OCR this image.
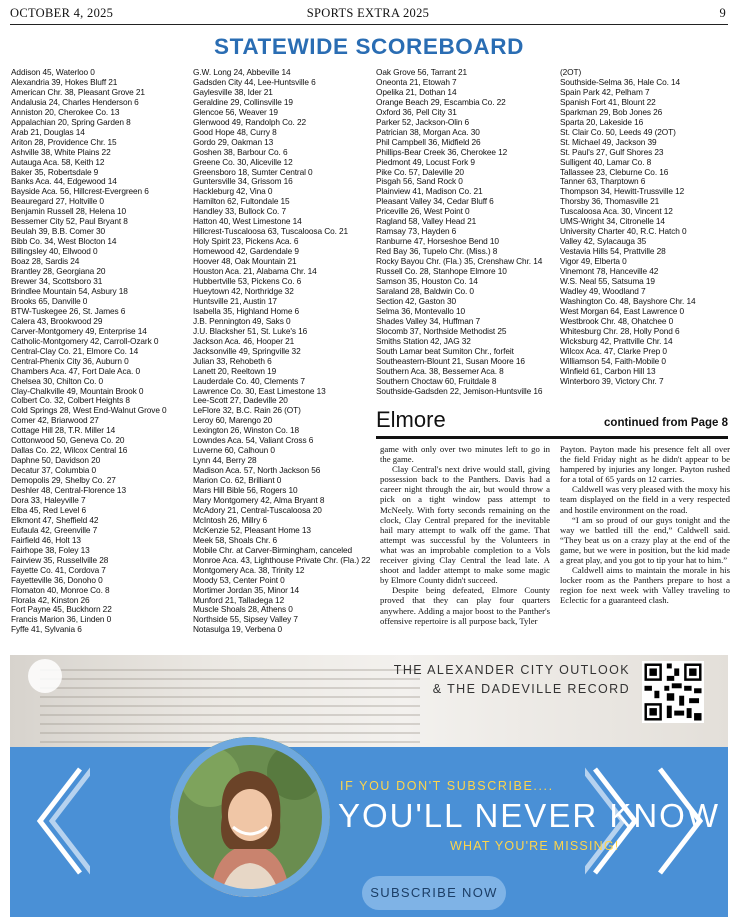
OCTOBER 4, 2025	SPORTS EXTRA 2025	9
STATEWIDE SCOREBOARD
Addison 45, Waterloo 0
Alexandria 39, Hokes Bluff 21
American Chr. 38, Pleasant Grove 21
Andalusia 24, Charles Henderson 6
Anniston 20, Cherokee Co. 13
Appalachian 20, Spring Garden 8
Arab 21, Douglas 14
Ariton 28, Providence Chr. 15
Ashville 38, White Plains 22
Autauga Aca. 58, Keith 12
Baker 35, Robertsdale 9
Banks Aca. 44, Edgewood 14
Bayside Aca. 56, Hillcrest-Evergreen 6
Beauregard 27, Holtville 0
Benjamin Russell 28, Helena 10
Bessemer City 52, Paul Bryant 8
Beulah 39, B.B. Comer 30
Bibb Co. 34, West Blocton 14
Billingsley 40, Ellwood 0
Boaz 28, Sardis 24
Brantley 28, Georgiana 20
Brewer 34, Scottsboro 31
Brindlee Mountain 54, Asbury 18
Brooks 65, Danville 0
BTW-Tuskegee 26, St. James 6
Calera 43, Brookwood 29
Carver-Montgomery 49, Enterprise 14
Catholic-Montgomery 42, Carroll-Ozark 0
Central-Clay Co. 21, Elmore Co. 14
Central-Phenix City 36, Auburn 0
Chambers Aca. 47, Fort Dale Aca. 0
Chelsea 30, Chilton Co. 0
Clay-Chalkville 49, Mountain Brook 0
Colbert Co. 32, Colbert Heights 8
Cold Springs 28, West End-Walnut Grove 0
Comer 42, Briarwood 27
Cottage Hill 28, T.R. Miller 14
Cottonwood 50, Geneva Co. 20
Dallas Co. 22, Wilcox Central 16
Daphne 50, Davidson 20
Decatur 37, Columbia 0
Demopolis 29, Shelby Co. 27
Deshler 48, Central-Florence 13
Dora 33, Haleyville 7
Elba 45, Red Level 6
Elkmont 47, Sheffield 42
Eufaula 42, Greenville 7
Fairfield 46, Holt 13
Fairhope 38, Foley 13
Fairview 35, Russellville 28
Fayette Co. 41, Cordova 7
Fayetteville 36, Donoho 0
Flomaton 40, Monroe Co. 8
Florala 42, Kinston 26
Fort Payne 45, Buckhorn 22
Francis Marion 36, Linden 0
Fyffe 41, Sylvania 6
G.W. Long 24, Abbeville 14
Gadsden City 44, Lee-Huntsville 6
Gaylesville 38, Ider 21
Geraldine 29, Collinsville 19
Glencoe 56, Weaver 19
Glenwood 49, Randolph Co. 22
Good Hope 48, Curry 8
Gordo 29, Oakman 13
Goshen 38, Barbour Co. 6
Greene Co. 30, Aliceville 12
Greensboro 18, Sumter Central 0
Guntersville 34, Grissom 16
Hackleburg 42, Vina 0
Hamilton 62, Fultondale 15
Handley 33, Bullock Co. 7
Hatton 40, West Limestone 14
Hillcrest-Tuscaloosa 63, Tuscaloosa Co. 21
Holy Spirit 23, Pickens Aca. 6
Homewood 42, Gardendale 9
Hoover 48, Oak Mountain 21
Houston Aca. 21, Alabama Chr. 14
Hubbertville 53, Pickens Co. 6
Hueytown 42, Northridge 32
Huntsville 21, Austin 17
Isabella 35, Highland Home 6
J.B. Pennington 49, Saks 0
J.U. Blacksher 51, St. Luke's 16
Jackson Aca. 46, Hooper 21
Jacksonville 49, Springville 32
Julian 33, Rehobeth 6
Lanett 20, Reeltown 19
Lauderdale Co. 40, Clements 7
Lawrence Co. 30, East Limestone 13
Lee-Scott 27, Dadeville 20
LeFlore 32, B.C. Rain 26 (OT)
Leroy 60, Marengo 20
Lexington 26, Winston Co. 18
Lowndes Aca. 54, Valiant Cross 6
Luverne 60, Calhoun 0
Lynn 44, Berry 28
Madison Aca. 57, North Jackson 56
Marion Co. 62, Brilliant 0
Mars Hill Bible 56, Rogers 10
Mary Montgomery 42, Alma Bryant 8
McAdory 21, Central-Tuscaloosa 20
McIntosh 26, Millry 6
McKenzie 52, Pleasant Home 13
Meek 58, Shoals Chr. 6
Mobile Chr. at Carver-Birmingham, canceled
Monroe Aca. 43, Lighthouse Private Chr. (Fla.) 22
Montgomery Aca. 38, Trinity 12
Moody 53, Center Point 0
Mortimer Jordan 35, Minor 14
Munford 21, Talladega 12
Muscle Shoals 28, Athens 0
Northside 55, Sipsey Valley 7
Notasulga 19, Verbena 0
Oak Grove 56, Tarrant 21
Oneonta 21, Etowah 7
Opelika 21, Dothan 14
Orange Beach 29, Escambia Co. 22
Oxford 36, Pell City 31
Parker 52, Jackson-Olin 6
Patrician 38, Morgan Aca. 30
Phil Campbell 36, Midfield 26
Phillips-Bear Creek 36, Cherokee 12
Piedmont 49, Locust Fork 9
Pike Co. 57, Daleville 20
Pisgah 56, Sand Rock 0
Plainview 41, Madison Co. 21
Pleasant Valley 34, Cedar Bluff 6
Priceville 26, West Point 0
Ragland 58, Valley Head 21
Ramsay 73, Hayden 6
Ranburne 47, Horseshoe Bend 10
Red Bay 36, Tupelo Chr. (Miss.) 8
Rocky Bayou Chr. (Fla.) 35, Crenshaw Chr. 14
Russell Co. 28, Stanhope Elmore 10
Samson 35, Houston Co. 14
Saraland 28, Baldwin Co. 0
Section 42, Gaston 30
Selma 36, Montevallo 10
Shades Valley 34, Huffman 7
Slocomb 37, Northside Methodist 25
Smiths Station 42, JAG 32
South Lamar beat Sumiton Chr., forfeit
Southeastern-Blount 21, Susan Moore 16
Southern Aca. 38, Bessemer Aca. 8
Southern Choctaw 60, Fruitdale 8
Southside-Gadsden 22, Jemison-Huntsville 16
(2OT)
Southside-Selma 36, Hale Co. 14
Spain Park 42, Pelham 7
Spanish Fort 41, Blount 22
Sparkman 29, Bob Jones 26
Sparta 20, Lakeside 16
St. Clair Co. 50, Leeds 49 (2OT)
St. Michael 49, Jackson 39
St. Paul's 27, Gulf Shores 23
Sulligent 40, Lamar Co. 8
Tallassee 23, Cleburne Co. 16
Tanner 63, Tharptown 6
Thompson 34, Hewitt-Trussville 12
Thorsby 36, Thomasville 21
Tuscaloosa Aca. 30, Vincent 12
UMS-Wright 34, Citronelle 14
University Charter 40, R.C. Hatch 0
Valley 42, Sylacauga 35
Vestavia Hills 54, Prattville 28
Vigor 49, Elberta 0
Vinemont 78, Hanceville 42
W.S. Neal 55, Satsuma 19
Wadley 49, Woodland 7
Washington Co. 48, Bayshore Chr. 14
West Morgan 64, East Lawrence 0
Westbrook Chr. 48, Ohatchee 0
Whitesburg Chr. 28, Holly Pond 6
Wicksburg 42, Prattville Chr. 14
Wilcox Aca. 47, Clarke Prep 0
Williamson 54, Faith-Mobile 0
Winfield 61, Carbon Hill 13
Winterboro 39, Victory Chr. 7
Elmore	continued from Page 8

game with only over two minutes left to go in the game.

Clay Central's next drive would stall, giving possession back to the Panthers. Davis had a career night through the air, but would throw a pick on a tight window pass attempt to McNeely. With forty seconds remaining on the clock, Clay Central prepared for the inevitable hail mary attempt to walk off the game. That attempt was successful by the Volunteers in what was an improbable completion to a Vols receiver giving Clay Central the lead late. A shoot and ladder attempt to make some magic by Elmore County didn't succeed.

Despite being defeated, Elmore County proved that they can play four quarters anywhere. Adding a major boost to the Panther's offensive repertoire is all purpose back, Tyler

Payton. Payton made his presence felt all over the field Friday night as he didn't appear to be hampered by injuries any longer. Payton rushed for a total of 65 yards on 12 carries.

Caldwell was very pleased with the moxy his team displayed on the field in a very respected and hostile environment on the road.

“I am so proud of our guys tonight and the way we battled till the end,” Caldwell said. “They beat us on a crazy play at the end of the game, but we were in position, but the kid made a great play, and you got to tip your hat to him.”

Caldwell aims to maintain the morale in his locker room as the Panthers prepare to host a region foe next week with Valley traveling to Eclectic for a guaranteed clash.

THE ALEXANDER CITY OUTLOOK
& THE DADEVILLE RECORD
IF YOU DON'T SUBSCRIBE....
YOU'LL NEVER KNOW
WHAT YOU'RE MISSING!
SUBSCRIBE NOW
